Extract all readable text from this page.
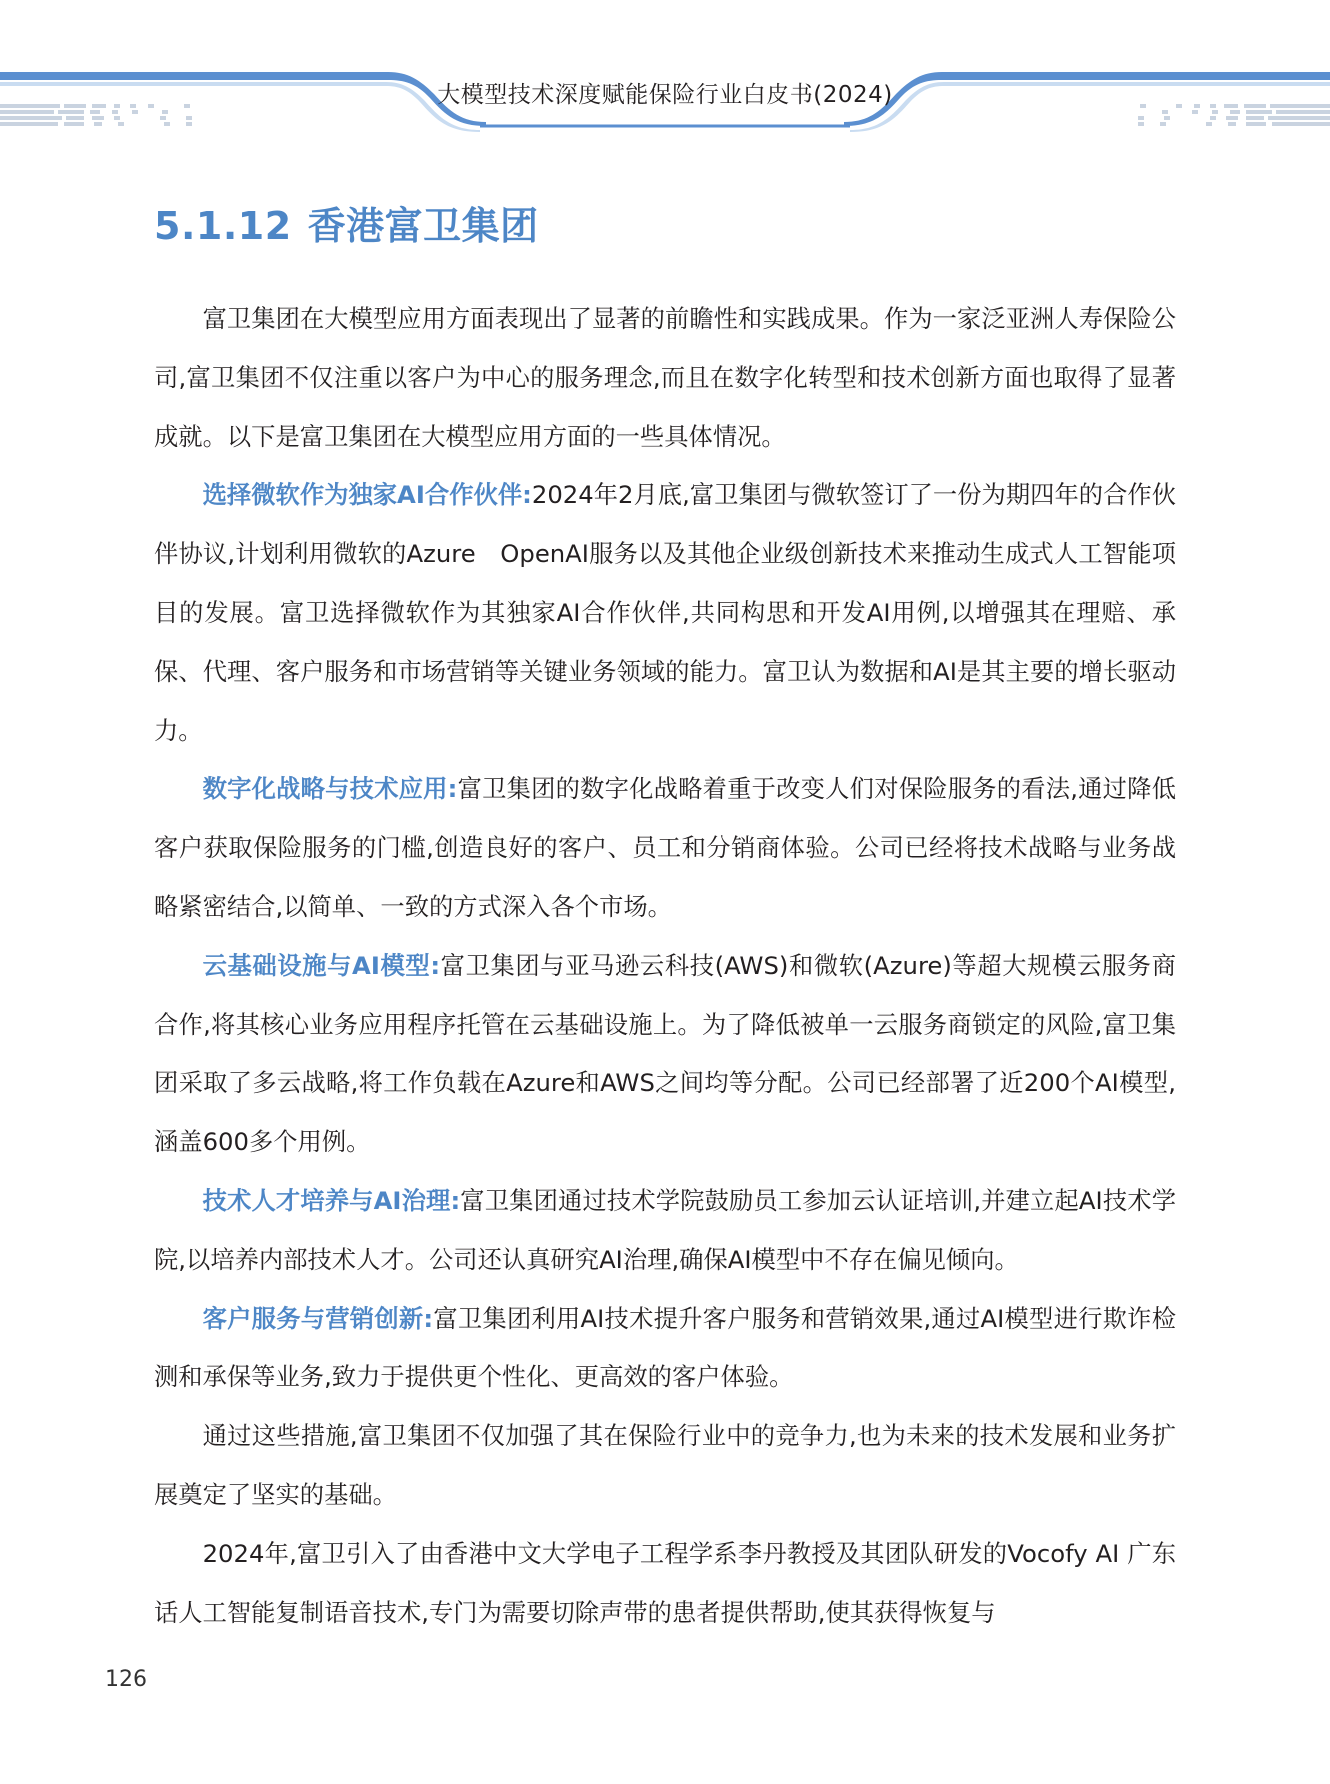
大模型技术深度赋能保险行业白皮书(2024)
5.1.12 香港富卫集团

富卫集团在大模型应用方面表现出了显著的前瞻性和实践成果。作为一家泛亚洲人寿保险公司,富卫集团不仅注重以客户为中心的服务理念,而且在数字化转型和技术创新方面也取得了显著成就。以下是富卫集团在大模型应用方面的一些具体情况。

选择微软作为独家AI合作伙伴:2024年2月底,富卫集团与微软签订了一份为期四年的合作伙伴协议,计划利用微软的Azure　OpenAI服务以及其他企业级创新技术来推动生成式人工智能项目的发展。富卫选择微软作为其独家AI合作伙伴,共同构思和开发AI用例,以增强其在理赔、承保、代理、客户服务和市场营销等关键业务领域的能力。富卫认为数据和AI是其主要的增长驱动力。

数字化战略与技术应用:富卫集团的数字化战略着重于改变人们对保险服务的看法,通过降低客户获取保险服务的门槛,创造良好的客户、员工和分销商体验。公司已经将技术战略与业务战略紧密结合,以简单、一致的方式深入各个市场。

云基础设施与AI模型:富卫集团与亚马逊云科技(AWS)和微软(Azure)等超大规模云服务商合作,将其核心业务应用程序托管在云基础设施上。为了降低被单一云服务商锁定的风险,富卫集团采取了多云战略,将工作负载在Azure和AWS之间均等分配。公司已经部署了近200个AI模型,涵盖600多个用例。

技术人才培养与AI治理:富卫集团通过技术学院鼓励员工参加云认证培训,并建立起AI技术学院,以培养内部技术人才。公司还认真研究AI治理,确保AI模型中不存在偏见倾向。

客户服务与营销创新:富卫集团利用AI技术提升客户服务和营销效果,通过AI模型进行欺诈检测和承保等业务,致力于提供更个性化、更高效的客户体验。

通过这些措施,富卫集团不仅加强了其在保险行业中的竞争力,也为未来的技术发展和业务扩展奠定了坚实的基础。

2024年,富卫引入了由香港中文大学电子工程学系李丹教授及其团队研发的Vocofy AI 广东话人工智能复制语音技术,专门为需要切除声带的患者提供帮助,使其获得恢复与

126
